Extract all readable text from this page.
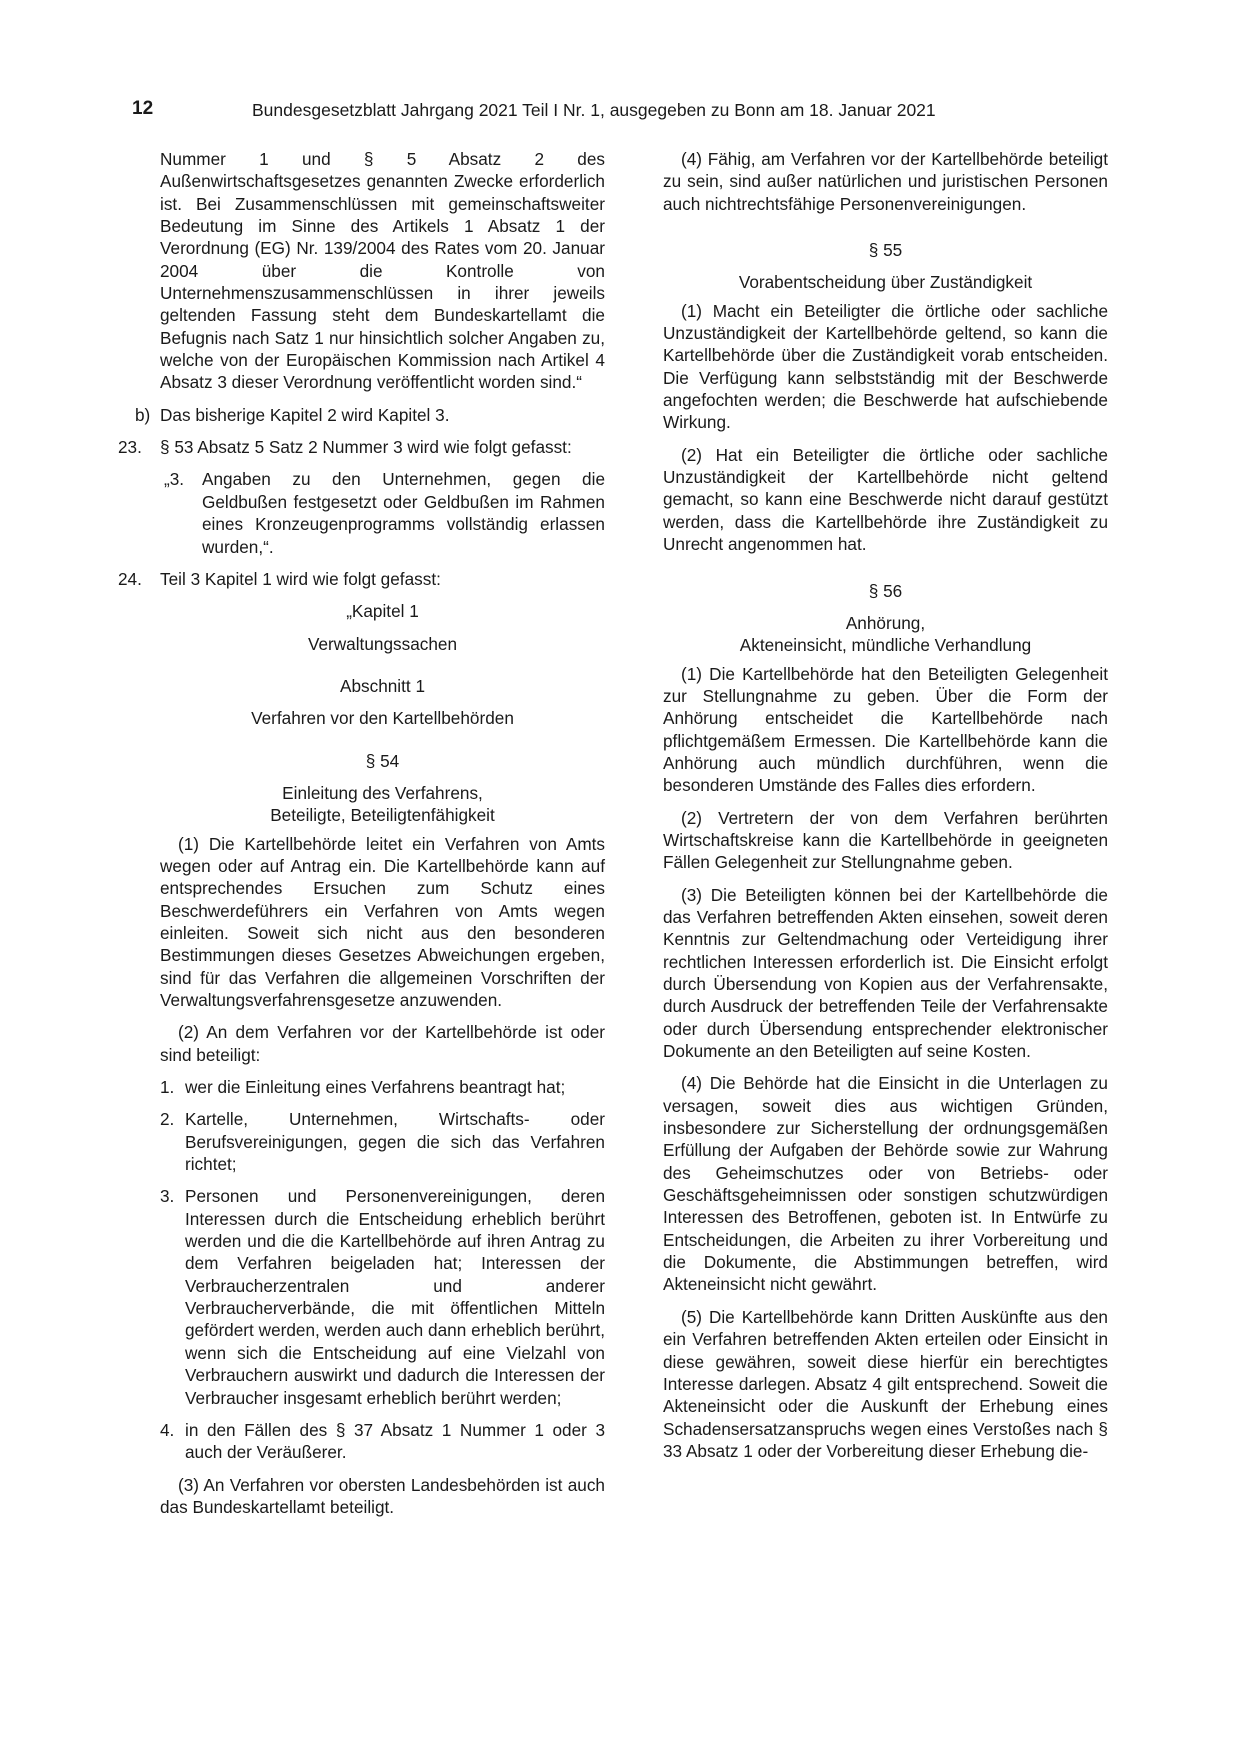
12	Bundesgesetzblatt Jahrgang 2021 Teil I Nr. 1, ausgegeben zu Bonn am 18. Januar 2021

Nummer 1 und § 5 Absatz 2 des Außenwirtschaftsgesetzes genannten Zwecke erforderlich ist. Bei Zusammenschlüssen mit gemeinschaftsweiter Bedeutung im Sinne des Artikels 1 Absatz 1 der Verordnung (EG) Nr. 139/2004 des Rates vom 20. Januar 2004 über die Kontrolle von Unternehmenszusammenschlüssen in ihrer jeweils geltenden Fassung steht dem Bundeskartellamt die Befugnis nach Satz 1 nur hinsichtlich solcher Angaben zu, welche von der Europäischen Kommission nach Artikel 4 Absatz 3 dieser Verordnung veröffentlicht worden sind.“

b) Das bisherige Kapitel 2 wird Kapitel 3.

23. § 53 Absatz 5 Satz 2 Nummer 3 wird wie folgt gefasst:

„3. Angaben zu den Unternehmen, gegen die Geldbußen festgesetzt oder Geldbußen im Rahmen eines Kronzeugenprogramms vollständig erlassen wurden,“.

24. Teil 3 Kapitel 1 wird wie folgt gefasst:

„Kapitel 1

Verwaltungssachen

Abschnitt 1

Verfahren vor den Kartellbehörden

§ 54

Einleitung des Verfahrens,

Beteiligte, Beteiligtenfähigkeit

(1) Die Kartellbehörde leitet ein Verfahren von Amts wegen oder auf Antrag ein. Die Kartellbehörde kann auf entsprechendes Ersuchen zum Schutz eines Beschwerdeführers ein Verfahren von Amts wegen einleiten. Soweit sich nicht aus den besonderen Bestimmungen dieses Gesetzes Abweichungen ergeben, sind für das Verfahren die allgemeinen Vorschriften der Verwaltungsverfahrensgesetze anzuwenden.

(2) An dem Verfahren vor der Kartellbehörde ist oder sind beteiligt:

1. wer die Einleitung eines Verfahrens beantragt hat;

2. Kartelle, Unternehmen, Wirtschafts- oder Berufsvereinigungen, gegen die sich das Verfahren richtet;

3. Personen und Personenvereinigungen, deren Interessen durch die Entscheidung erheblich berührt werden und die die Kartellbehörde auf ihren Antrag zu dem Verfahren beigeladen hat; Interessen der Verbraucherzentralen und anderer Verbraucherverbände, die mit öffentlichen Mitteln gefördert werden, werden auch dann erheblich berührt, wenn sich die Entscheidung auf eine Vielzahl von Verbrauchern auswirkt und dadurch die Interessen der Verbraucher insgesamt erheblich berührt werden;

4. in den Fällen des § 37 Absatz 1 Nummer 1 oder 3 auch der Veräußerer.

(3) An Verfahren vor obersten Landesbehörden ist auch das Bundeskartellamt beteiligt.

(4) Fähig, am Verfahren vor der Kartellbehörde beteiligt zu sein, sind außer natürlichen und juristischen Personen auch nichtrechtsfähige Personenvereinigungen.

§ 55

Vorabentscheidung über Zuständigkeit

(1) Macht ein Beteiligter die örtliche oder sachliche Unzuständigkeit der Kartellbehörde geltend, so kann die Kartellbehörde über die Zuständigkeit vorab entscheiden. Die Verfügung kann selbstständig mit der Beschwerde angefochten werden; die Beschwerde hat aufschiebende Wirkung.

(2) Hat ein Beteiligter die örtliche oder sachliche Unzuständigkeit der Kartellbehörde nicht geltend gemacht, so kann eine Beschwerde nicht darauf gestützt werden, dass die Kartellbehörde ihre Zuständigkeit zu Unrecht angenommen hat.

§ 56

Anhörung,

Akteneinsicht, mündliche Verhandlung

(1) Die Kartellbehörde hat den Beteiligten Gelegenheit zur Stellungnahme zu geben. Über die Form der Anhörung entscheidet die Kartellbehörde nach pflichtgemäßem Ermessen. Die Kartellbehörde kann die Anhörung auch mündlich durchführen, wenn die besonderen Umstände des Falles dies erfordern.

(2) Vertretern der von dem Verfahren berührten Wirtschaftskreise kann die Kartellbehörde in geeigneten Fällen Gelegenheit zur Stellungnahme geben.

(3) Die Beteiligten können bei der Kartellbehörde die das Verfahren betreffenden Akten einsehen, soweit deren Kenntnis zur Geltendmachung oder Verteidigung ihrer rechtlichen Interessen erforderlich ist. Die Einsicht erfolgt durch Übersendung von Kopien aus der Verfahrensakte, durch Ausdruck der betreffenden Teile der Verfahrensakte oder durch Übersendung entsprechender elektronischer Dokumente an den Beteiligten auf seine Kosten.

(4) Die Behörde hat die Einsicht in die Unterlagen zu versagen, soweit dies aus wichtigen Gründen, insbesondere zur Sicherstellung der ordnungsgemäßen Erfüllung der Aufgaben der Behörde sowie zur Wahrung des Geheimschutzes oder von Betriebs- oder Geschäftsgeheimnissen oder sonstigen schutzwürdigen Interessen des Betroffenen, geboten ist. In Entwürfe zu Entscheidungen, die Arbeiten zu ihrer Vorbereitung und die Dokumente, die Abstimmungen betreffen, wird Akteneinsicht nicht gewährt.

(5) Die Kartellbehörde kann Dritten Auskünfte aus den ein Verfahren betreffenden Akten erteilen oder Einsicht in diese gewähren, soweit diese hierfür ein berechtigtes Interesse darlegen. Absatz 4 gilt entsprechend. Soweit die Akteneinsicht oder die Auskunft der Erhebung eines Schadensersatzanspruchs wegen eines Verstoßes nach § 33 Absatz 1 oder der Vorbereitung dieser Erhebung die-
